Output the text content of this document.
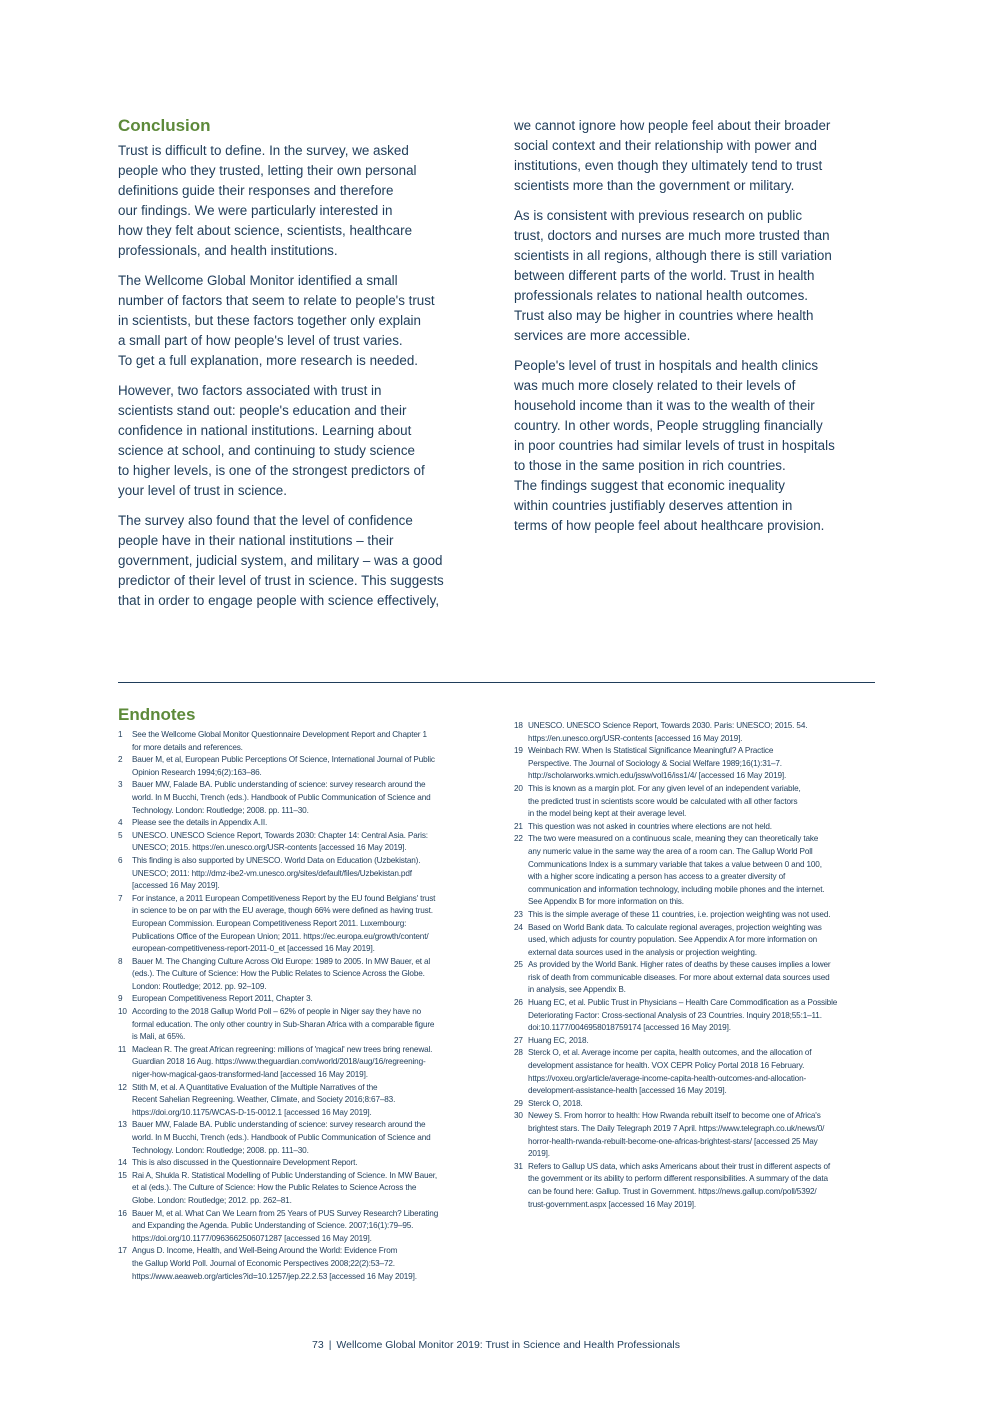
Conclusion

Trust is difficult to define. In the survey, we asked
people who they trusted, letting their own personal
definitions guide their responses and therefore
our findings. We were particularly interested in
how they felt about science, scientists, healthcare
professionals, and health institutions.

The Wellcome Global Monitor identified a small
number of factors that seem to relate to people's trust
in scientists, but these factors together only explain
a small part of how people's level of trust varies.
To get a full explanation, more research is needed.

However, two factors associated with trust in
scientists stand out: people's education and their
confidence in national institutions. Learning about
science at school, and continuing to study science
to higher levels, is one of the strongest predictors of
your level of trust in science.

The survey also found that the level of confidence
people have in their national institutions – their
government, judicial system, and military – was a good
predictor of their level of trust in science. This suggests
that in order to engage people with science effectively,

we cannot ignore how people feel about their broader
social context and their relationship with power and
institutions, even though they ultimately tend to trust
scientists more than the government or military.

As is consistent with previous research on public
trust, doctors and nurses are much more trusted than
scientists in all regions, although there is still variation
between different parts of the world. Trust in health
professionals relates to national health outcomes.
Trust also may be higher in countries where health
services are more accessible.

People's level of trust in hospitals and health clinics
was much more closely related to their levels of
household income than it was to the wealth of their
country. In other words, People struggling financially
in poor countries had similar levels of trust in hospitals
to those in the same position in rich countries.
The findings suggest that economic inequality
within countries justifiably deserves attention in
terms of how people feel about healthcare provision.

Endnotes
1 See the Wellcome Global Monitor Questionnaire Development Report and Chapter 1
for more details and references.
2 Bauer M, et al, European Public Perceptions Of Science, International Journal of Public
Opinion Research 1994;6(2):163–86.
3 Bauer MW, Falade BA. Public understanding of science: survey research around the
world. In M Bucchi, Trench (eds.). Handbook of Public Communication of Science and
Technology. London: Routledge; 2008. pp. 111–30.
4 Please see the details in Appendix A.II.
5 UNESCO. UNESCO Science Report, Towards 2030: Chapter 14: Central Asia. Paris:
UNESCO; 2015. https://en.unesco.org/USR-contents [accessed 16 May 2019].
6 This finding is also supported by UNESCO. World Data on Education (Uzbekistan).
UNESCO; 2011: http://dmz-ibe2-vm.unesco.org/sites/default/files/Uzbekistan.pdf
[accessed 16 May 2019].
7 For instance, a 2011 European Competitiveness Report by the EU found Belgians' trust
in science to be on par with the EU average, though 66% were defined as having trust.
European Commission. European Competitiveness Report 2011. Luxembourg:
Publications Office of the European Union; 2011. https://ec.europa.eu/growth/content/
european-competitiveness-report-2011-0_et [accessed 16 May 2019].
8 Bauer M. The Changing Culture Across Old Europe: 1989 to 2005. In MW Bauer, et al
(eds.). The Culture of Science: How the Public Relates to Science Across the Globe.
London: Routledge; 2012. pp. 92–109.
9 European Competitiveness Report 2011, Chapter 3.
10 According to the 2018 Gallup World Poll – 62% of people in Niger say they have no
formal education. The only other country in Sub-Sharan Africa with a comparable figure
is Mali, at 65%.
11 Maclean R. The great African regreening: millions of 'magical' new trees bring renewal.
Guardian 2018 16 Aug. https://www.theguardian.com/world/2018/aug/16/regreening-
niger-how-magical-gaos-transformed-land [accessed 16 May 2019].
12 Stith M, et al. A Quantitative Evaluation of the Multiple Narratives of the
Recent Sahelian Regreening. Weather, Climate, and Society 2016;8:67–83.
https://doi.org/10.1175/WCAS-D-15-0012.1 [accessed 16 May 2019].
13 Bauer MW, Falade BA. Public understanding of science: survey research around the
world. In M Bucchi, Trench (eds.). Handbook of Public Communication of Science and
Technology. London: Routledge; 2008. pp. 111–30.
14 This is also discussed in the Questionnaire Development Report.
15 Rai A, Shukla R. Statistical Modelling of Public Understanding of Science. In MW Bauer,
et al (eds.). The Culture of Science: How the Public Relates to Science Across the
Globe. London: Routledge; 2012. pp. 262–81.
16 Bauer M, et al. What Can We Learn from 25 Years of PUS Survey Research? Liberating
and Expanding the Agenda. Public Understanding of Science. 2007;16(1):79–95.
https://doi.org/10.1177/0963662506071287 [accessed 16 May 2019].
17 Angus D. Income, Health, and Well-Being Around the World: Evidence From
the Gallup World Poll. Journal of Economic Perspectives 2008;22(2):53–72.
https://www.aeaweb.org/articles?id=10.1257/jep.22.2.53 [accessed 16 May 2019].
18 UNESCO. UNESCO Science Report, Towards 2030. Paris: UNESCO; 2015. 54.
https://en.unesco.org/USR-contents [accessed 16 May 2019].
19 Weinbach RW. When Is Statistical Significance Meaningful? A Practice
Perspective. The Journal of Sociology & Social Welfare 1989;16(1):31–7.
http://scholarworks.wmich.edu/jssw/vol16/iss1/4/ [accessed 16 May 2019].
20 This is known as a margin plot. For any given level of an independent variable,
the predicted trust in scientists score would be calculated with all other factors
in the model being kept at their average level.
21 This question was not asked in countries where elections are not held.
22 The two were measured on a continuous scale, meaning they can theoretically take
any numeric value in the same way the area of a room can. The Gallup World Poll
Communications Index is a summary variable that takes a value between 0 and 100,
with a higher score indicating a person has access to a greater diversity of
communication and information technology, including mobile phones and the internet.
See Appendix B for more information on this.
23 This is the simple average of these 11 countries, i.e. projection weighting was not used.
24 Based on World Bank data. To calculate regional averages, projection weighting was
used, which adjusts for country population. See Appendix A for more information on
external data sources used in the analysis or projection weighting.
25 As provided by the World Bank. Higher rates of deaths by these causes implies a lower
risk of death from communicable diseases. For more about external data sources used
in analysis, see Appendix B.
26 Huang EC, et al. Public Trust in Physicians – Health Care Commodification as a Possible
Deteriorating Factor: Cross-sectional Analysis of 23 Countries. Inquiry 2018;55:1–11.
doi:10.1177/0046958018759174 [accessed 16 May 2019].
27 Huang EC, 2018.
28 Sterck O, et al. Average income per capita, health outcomes, and the allocation of
development assistance for health. VOX CEPR Policy Portal 2018 16 February.
https://voxeu.org/article/average-income-capita-health-outcomes-and-allocation-
development-assistance-health [accessed 16 May 2019].
29 Sterck O, 2018.
30 Newey S. From horror to health: How Rwanda rebuilt itself to become one of Africa's
brightest stars. The Daily Telegraph 2019 7 April. https://www.telegraph.co.uk/news/0/
horror-health-rwanda-rebuilt-become-one-africas-brightest-stars/ [accessed 25 May
2019].
31 Refers to Gallup US data, which asks Americans about their trust in different aspects of
the government or its ability to perform different responsibilities. A summary of the data
can be found here: Gallup. Trust in Government. https://news.gallup.com/poll/5392/
trust-government.aspx [accessed 16 May 2019].
73 | Wellcome Global Monitor 2019: Trust in Science and Health Professionals
